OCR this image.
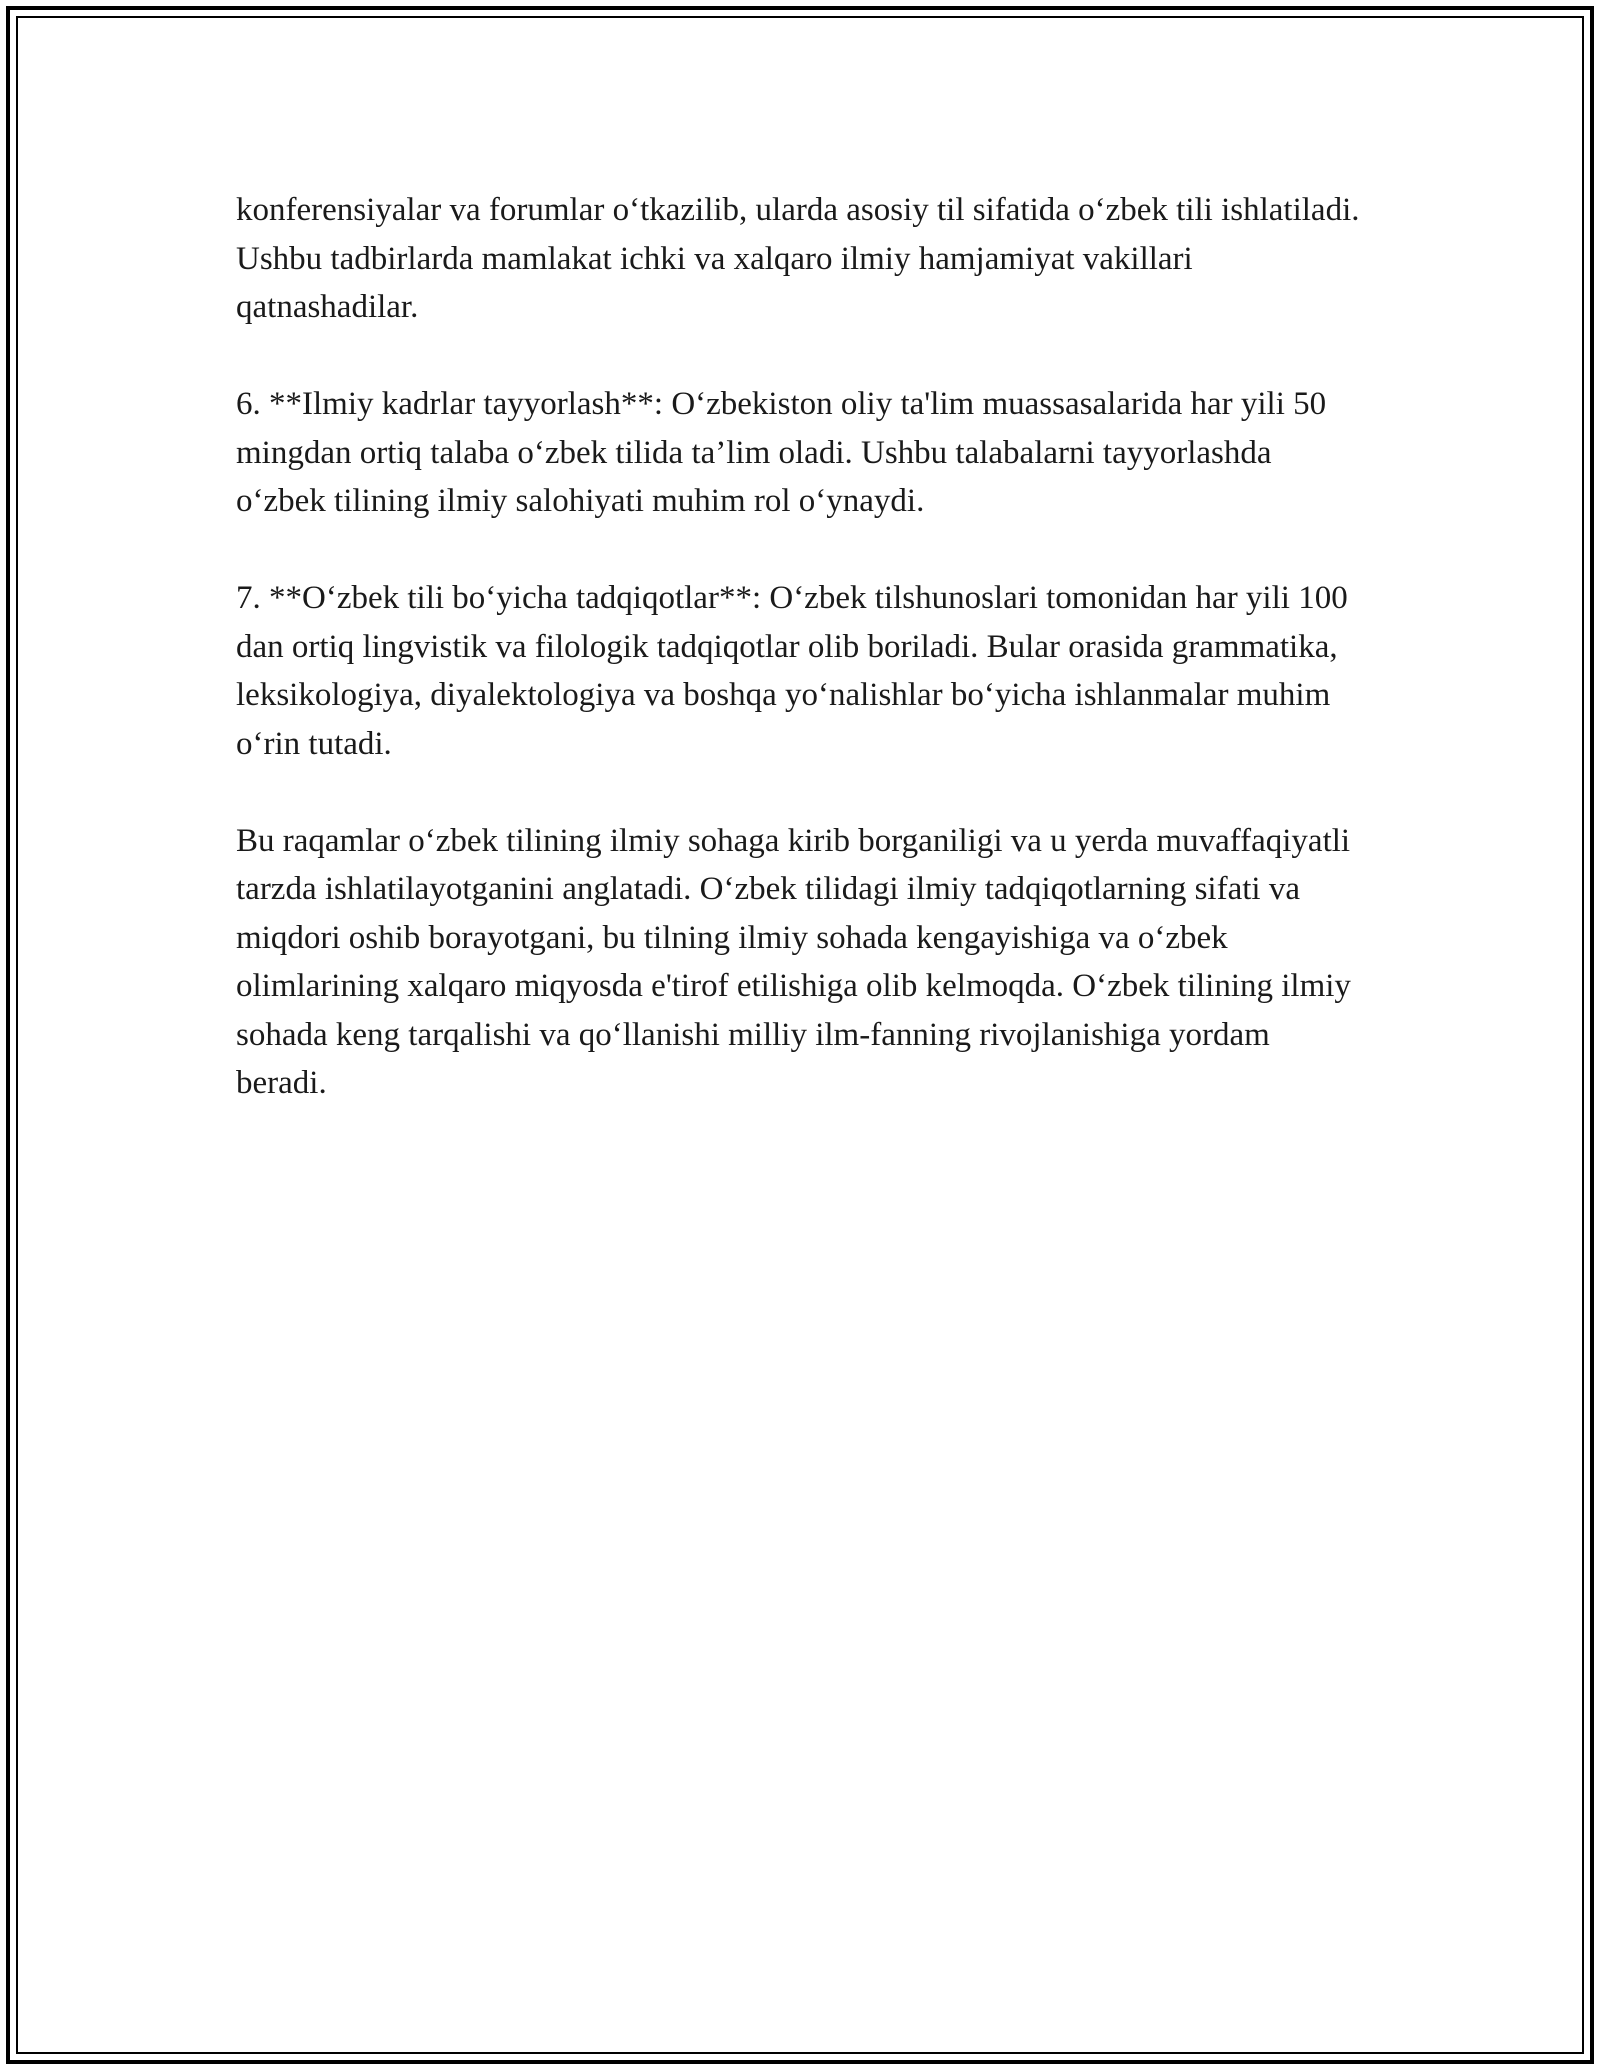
konferensiyalar va forumlar o‘tkazilib, ularda asosiy til sifatida o‘zbek tili ishlatiladi. Ushbu tadbirlarda mamlakat ichki va xalqaro ilmiy hamjamiyat vakillari qatnashadilar.

6. **Ilmiy kadrlar tayyorlash**: O‘zbekiston oliy ta'lim muassasalarida har yili 50 mingdan ortiq talaba o‘zbek tilida ta’lim oladi. Ushbu talabalarni tayyorlashda o‘zbek tilining ilmiy salohiyati muhim rol o‘ynaydi.

7. **O‘zbek tili bo‘yicha tadqiqotlar**: O‘zbek tilshunoslari tomonidan har yili 100 dan ortiq lingvistik va filologik tadqiqotlar olib boriladi. Bular orasida grammatika, leksikologiya, diyalektologiya va boshqa yo‘nalishlar bo‘yicha ishlanmalar muhim o‘rin tutadi.

Bu raqamlar o‘zbek tilining ilmiy sohaga kirib borganiligi va u yerda muvaffaqiyatli tarzda ishlatilayotganini anglatadi. O‘zbek tilidagi ilmiy tadqiqotlarning sifati va miqdori oshib borayotgani, bu tilning ilmiy sohada kengayishiga va o‘zbek olimlarining xalqaro miqyosda e'tirof etilishiga olib kelmoqda. O‘zbek tilining ilmiy sohada keng tarqalishi va qo‘llanishi milliy ilm-fanning rivojlanishiga yordam beradi.
